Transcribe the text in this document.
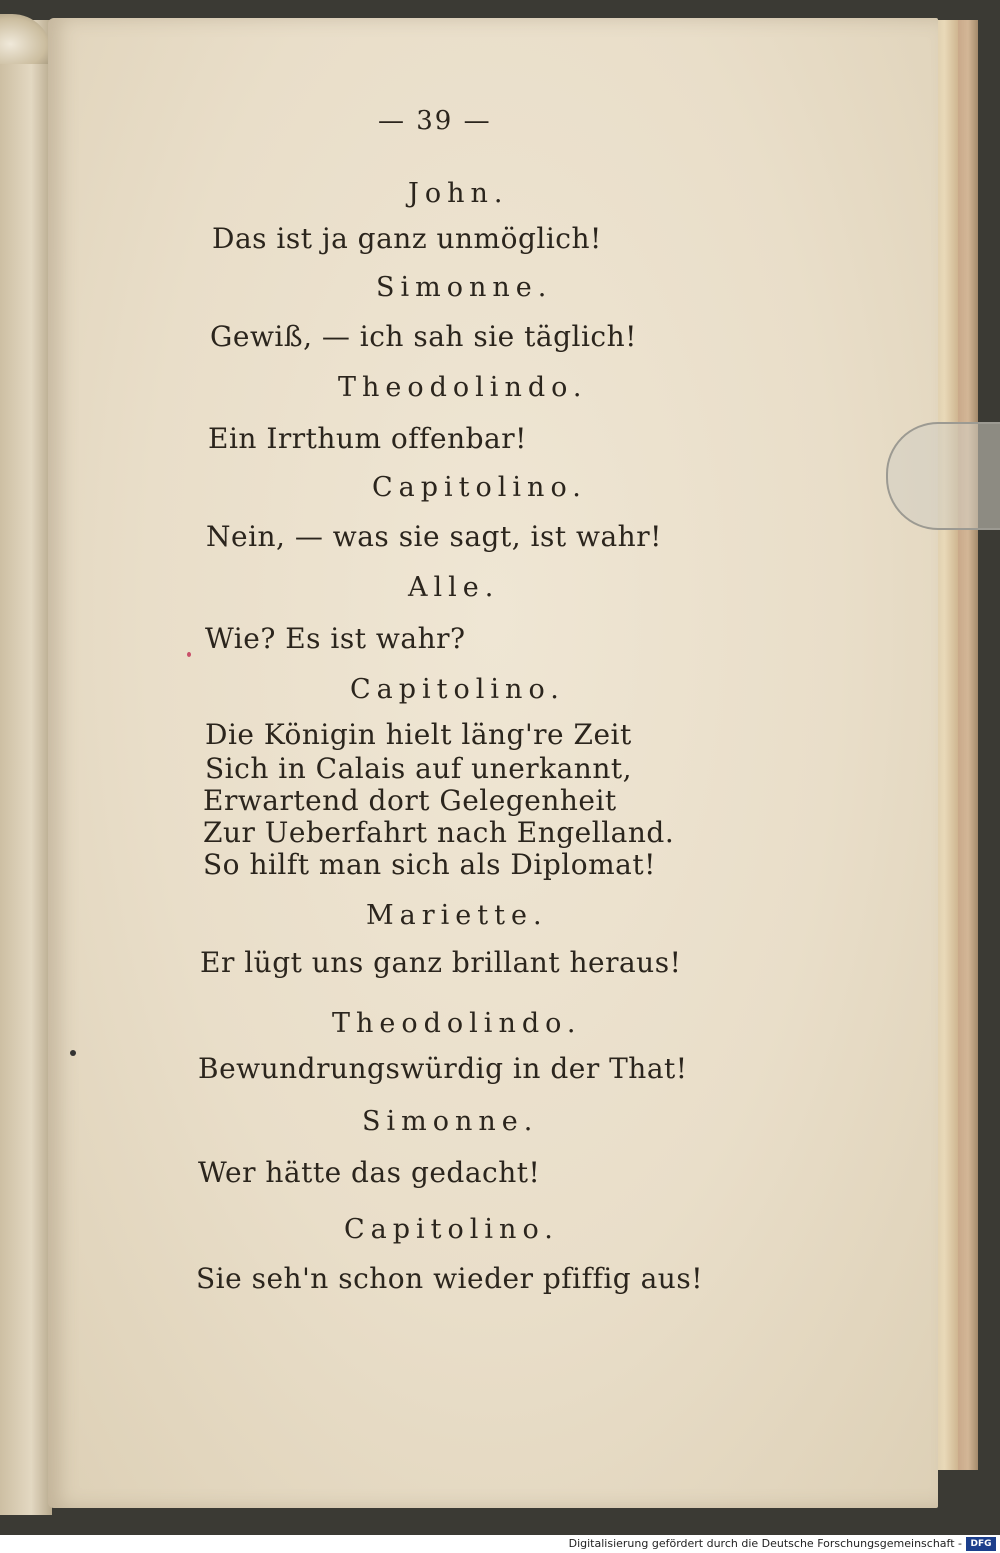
— 39 —
John.
Das ist ja ganz unmöglich!
Simonne.
Gewiß, — ich sah sie täglich!
Theodolindo.
Ein Irrthum offenbar!
Capitolino.
Nein, — was sie sagt, ist wahr!
Alle.
Wie? Es ist wahr?
Capitolino.
Die Königin hielt läng're Zeit
Sich in Calais auf unerkannt,
Erwartend dort Gelegenheit
Zur Ueberfahrt nach Engelland.
So hilft man sich als Diplomat!
Mariette.
Er lügt uns ganz brillant heraus!
Theodolindo.
Bewundrungswürdig in der That!
Simonne.
Wer hätte das gedacht!
Capitolino.
Sie seh'n schon wieder pfiffig aus!
Digitalisierung gefördert durch die Deutsche Forschungsgemeinschaft - DFG
